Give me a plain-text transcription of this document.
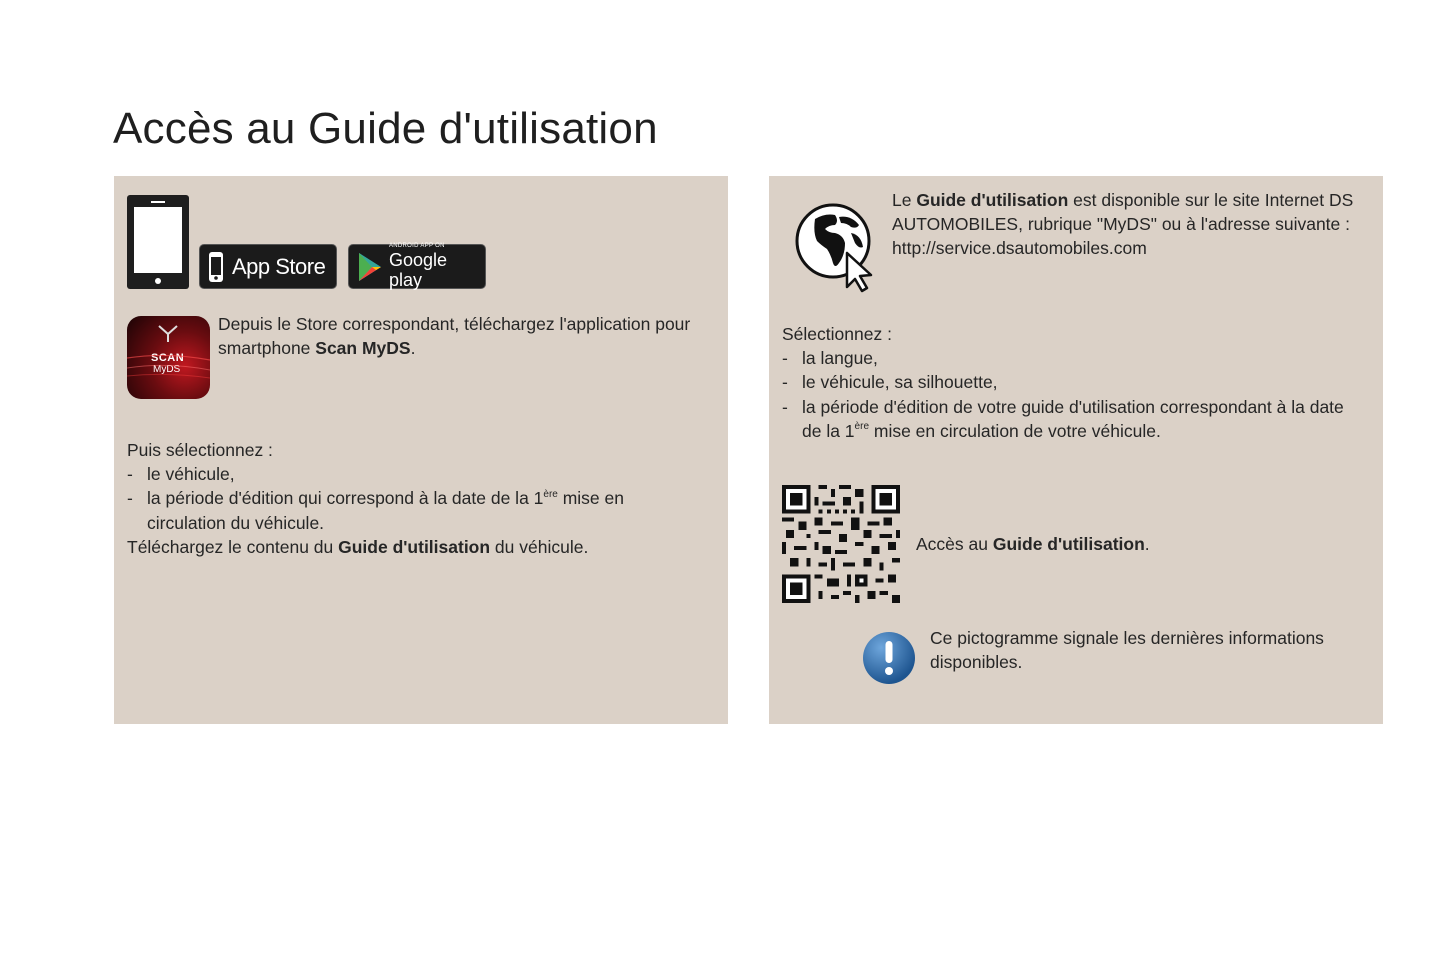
Accès au Guide d'utilisation
App Store
ANDROID APP ON
Google play
SCAN
MyDS
Depuis le Store correspondant, téléchargez l'application pour smartphone Scan MyDS.
Puis sélectionnez :
- le véhicule,
- la période d'édition qui correspond à la date de la 1ère mise en circulation du véhicule.
Téléchargez le contenu du Guide d'utilisation du véhicule.
Le Guide d'utilisation est disponible sur le site Internet DS AUTOMOBILES, rubrique "MyDS" ou à l'adresse suivante :
http://service.dsautomobiles.com
Sélectionnez :
- la langue,
- le véhicule, sa silhouette,
- la période d'édition de votre guide d'utilisation correspondant à la date de la 1ère mise en circulation de votre véhicule.
Accès au Guide d'utilisation.
Ce pictogramme signale les dernières informations disponibles.
